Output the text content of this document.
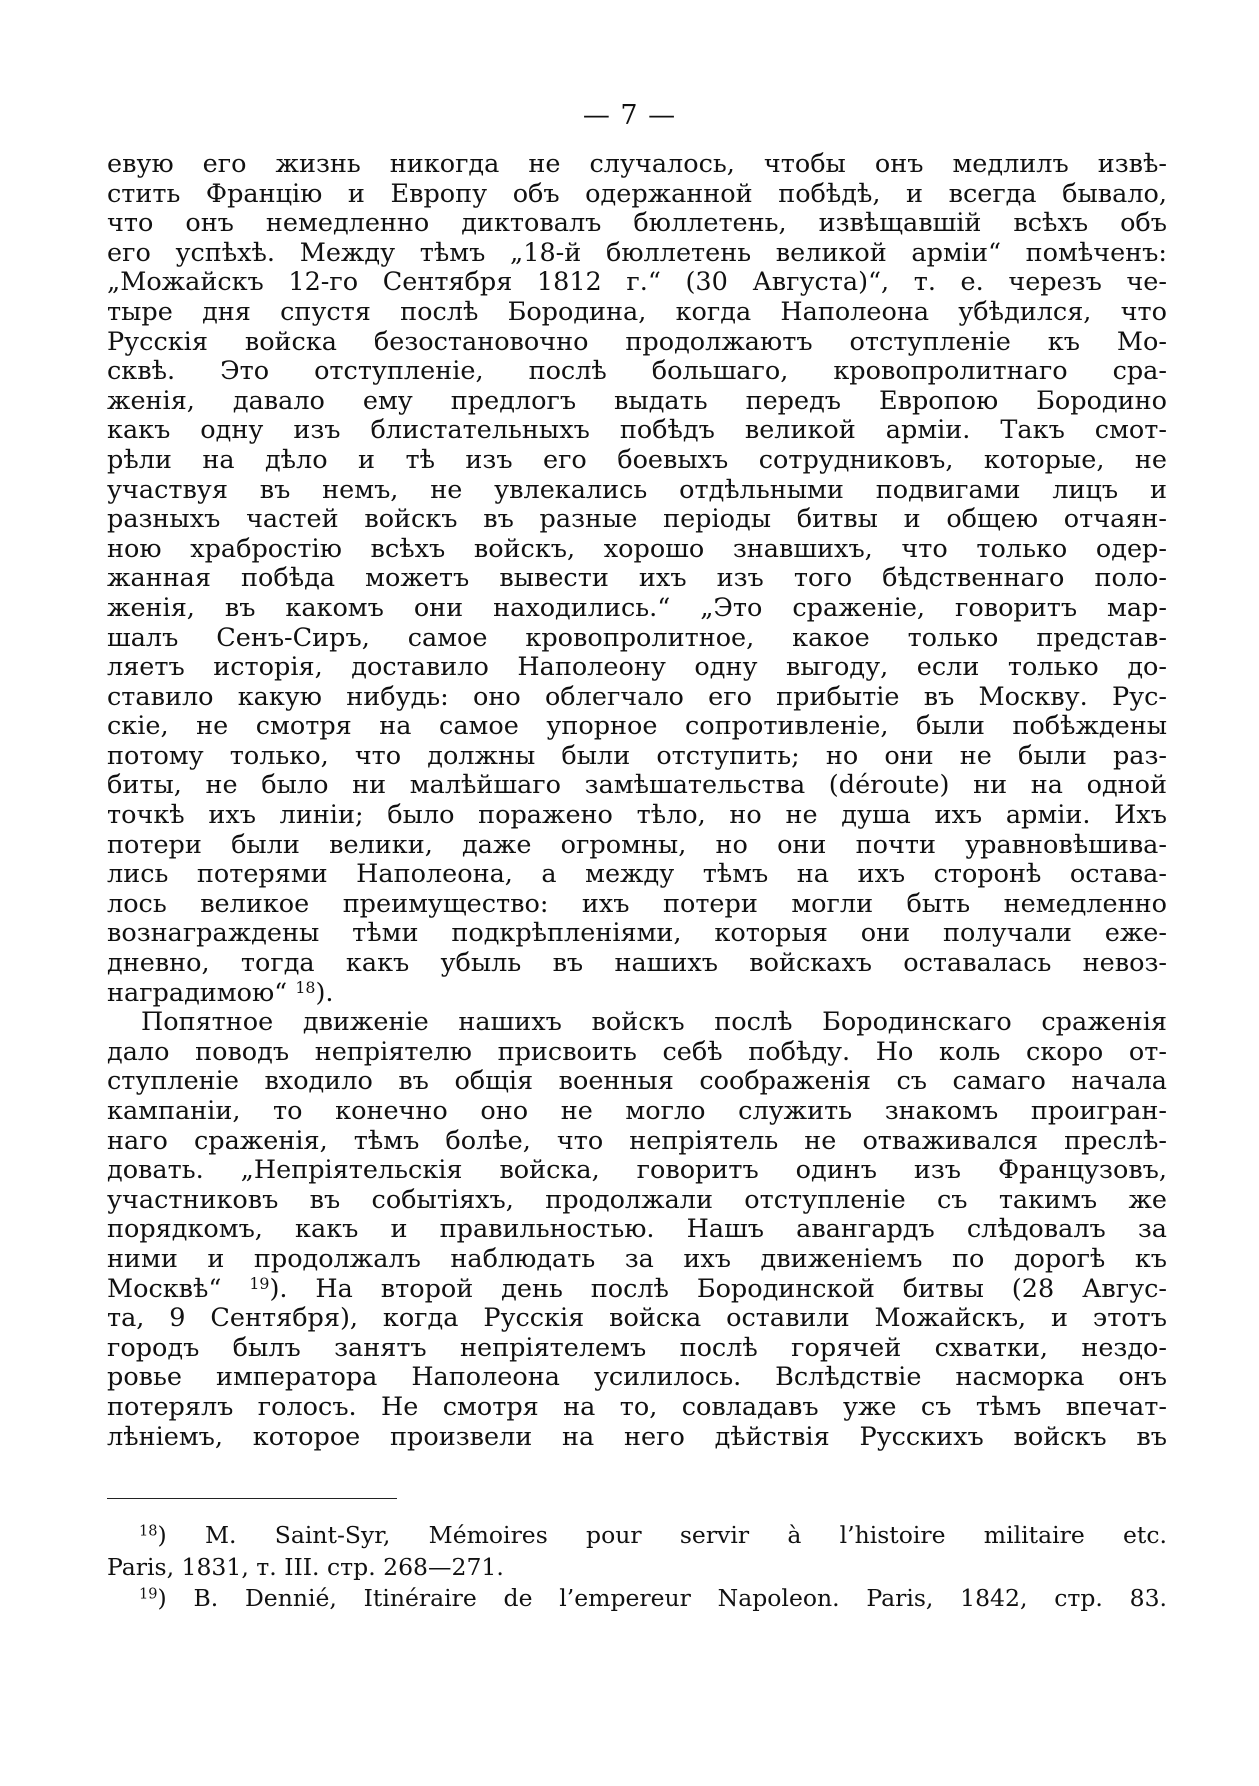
— 7 —
евую его жизнь никогда не случалось, чтобы онъ медлилъ извѣ-
стить Францію и Европу объ одержанной побѣдѣ, и всегда бывало,
что онъ немедленно диктовалъ бюллетень, извѣщавшій всѣхъ объ
его успѣхѣ. Между тѣмъ „18-й бюллетень великой арміи“ помѣченъ:
„Можайскъ 12-го Сентября 1812 г.“ (30 Августа)“, т. е. черезъ че-
тыре дня спустя послѣ Бородина, когда Наполеона убѣдился, что
Русскія войска безостановочно продолжаютъ отступленіе къ Мо-
сквѣ. Это отступленіе, послѣ большаго, кровопролитнаго сра-
женія, давало ему предлогъ выдать передъ Европою Бородино
какъ одну изъ блистательныхъ побѣдъ великой арміи. Такъ смот-
рѣли на дѣло и тѣ изъ его боевыхъ сотрудниковъ, которые, не
участвуя въ немъ, не увлекались отдѣльными подвигами лицъ и
разныхъ частей войскъ въ разные періоды битвы и общею отчаян-
ною храбростію всѣхъ войскъ, хорошо знавшихъ, что только одер-
жанная побѣда можетъ вывести ихъ изъ того бѣдственнаго поло-
женія, въ какомъ они находились.“ „Это сраженіе, говоритъ мар-
шалъ Сенъ-Сиръ, самое кровопролитное, какое только представ-
ляетъ исторія, доставило Наполеону одну выгоду, если только до-
ставило какую нибудь: оно облегчало его прибытіе въ Москву. Рус-
скіе, не смотря на самое упорное сопротивленіе, были побѣждены
потому только, что должны были отступить; но они не были раз-
биты, не было ни малѣйшаго замѣшательства (déroute) ни на одной
точкѣ ихъ линіи; было поражено тѣло, но не душа ихъ арміи. Ихъ
потери были велики, даже огромны, но они почти уравновѣшива-
лись потерями Наполеона, а между тѣмъ на ихъ сторонѣ остава-
лось великое преимущество: ихъ потери могли быть немедленно
вознаграждены тѣми подкрѣпленіями, которыя они получали еже-
дневно, тогда какъ убыль въ нашихъ войскахъ оставалась невоз-
наградимою“ $^{18}$).
Попятное движеніе нашихъ войскъ послѣ Бородинскаго сраженія
дало поводъ непріятелю присвоить себѣ побѣду. Но коль скоро от-
ступленіе входило въ общія военныя соображенія съ самаго начала
кампаніи, то конечно оно не могло служить знакомъ проигран-
наго сраженія, тѣмъ болѣе, что непріятель не отваживался преслѣ-
довать. „Непріятельскія войска, говоритъ одинъ изъ Французовъ,
участниковъ въ событіяхъ, продолжали отступленіе съ такимъ же
порядкомъ, какъ и правильностью. Нашъ авангардъ слѣдовалъ за
ними и продолжалъ наблюдать за ихъ движеніемъ по дорогѣ къ
Москвѣ“ $^{19}$). На второй день послѣ Бородинской битвы (28 Авгус-
та, 9 Сентября), когда Русскія войска оставили Можайскъ, и этотъ
городъ былъ занятъ непріятелемъ послѣ горячей схватки, нездо-
ровье императора Наполеона усилилось. Вслѣдствіе насморка онъ
потерялъ голосъ. Не смотря на то, совладавъ уже съ тѣмъ впечат-
лѣніемъ, которое произвели на него дѣйствія Русскихъ войскъ въ
$^{18}$) M. Saint-Syr, Mémoires pour servir à l’histoire militaire etc.
Paris, 1831, т. III. стр. 268—271.
$^{19}$) B. Dennié, Itinéraire de l’empereur Napoleon. Paris, 1842, стр. 83.
